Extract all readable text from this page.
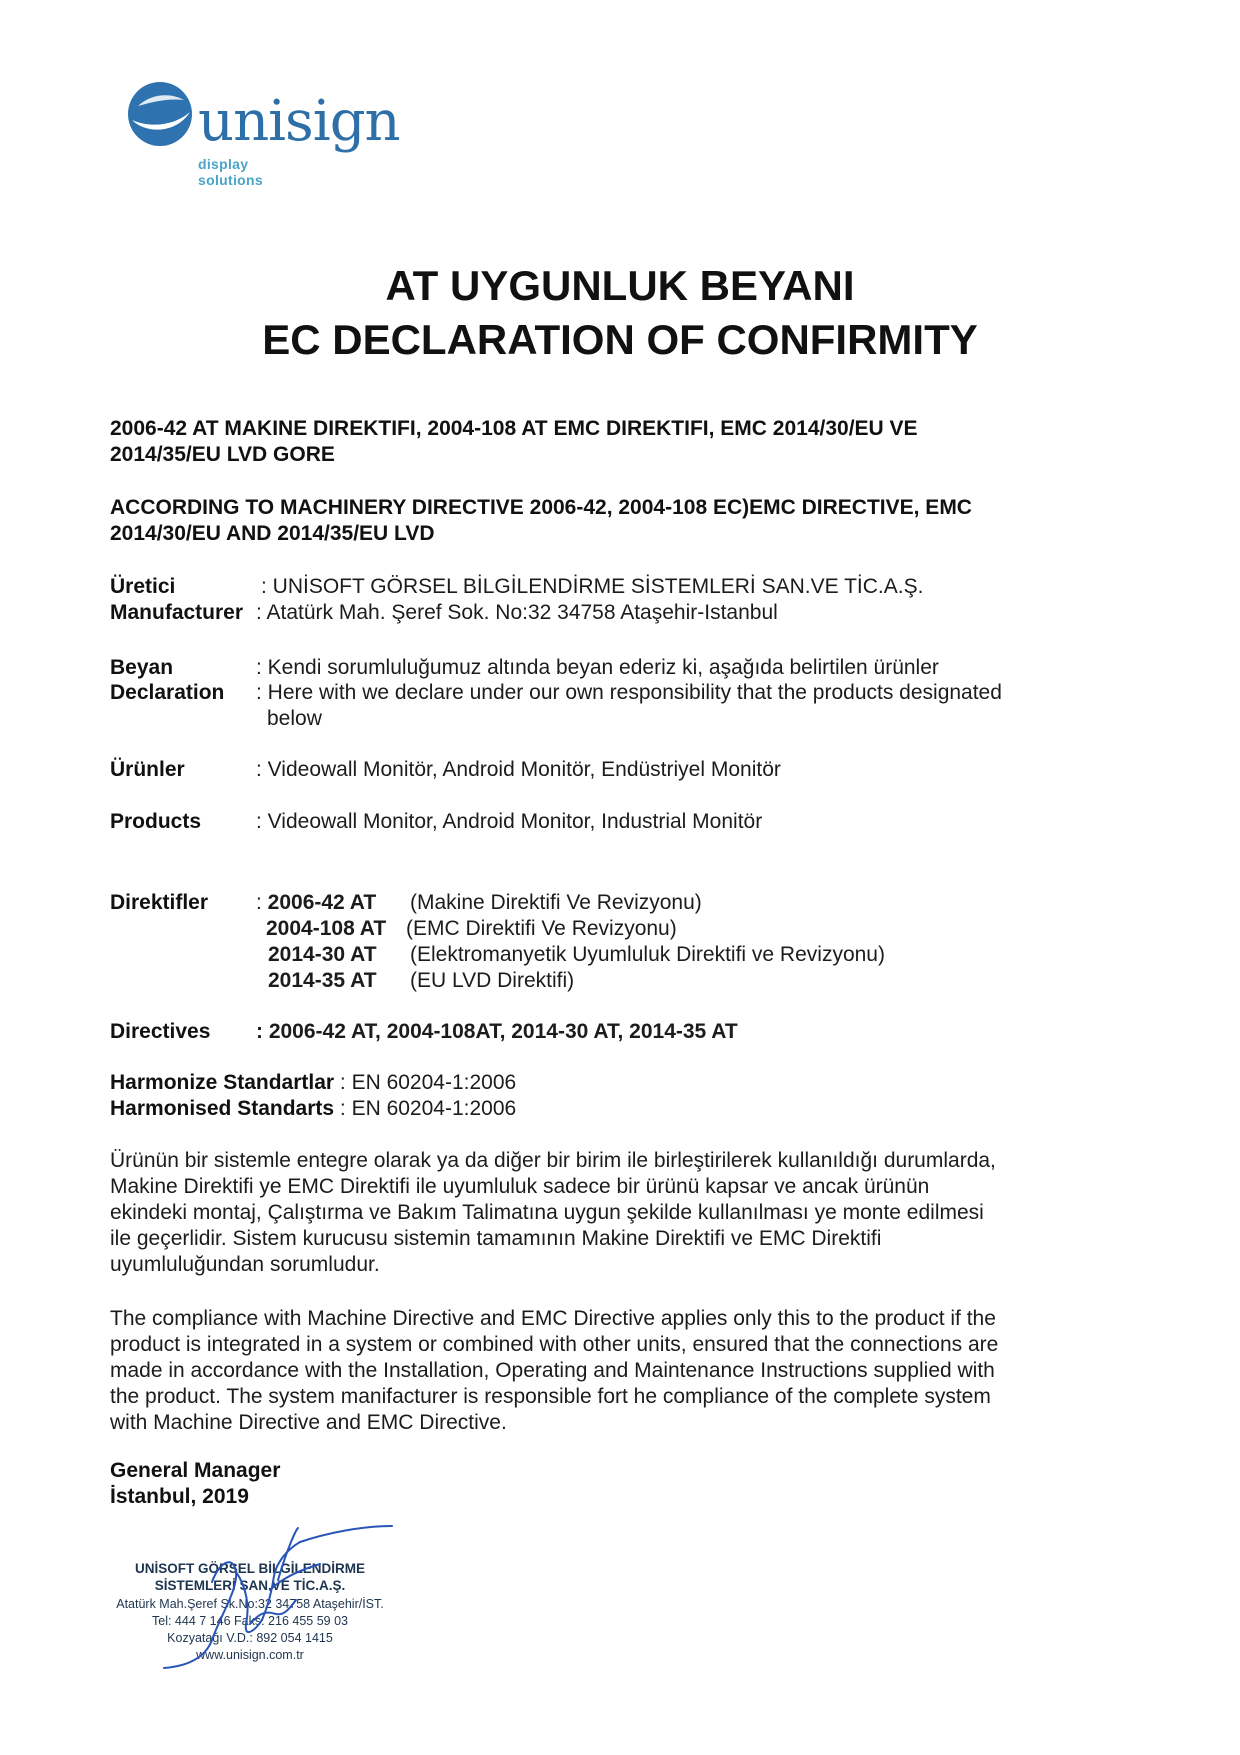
unisign
display solutions
AT UYGUNLUK BEYANI
EC DECLARATION OF CONFIRMITY
2006-42 AT MAKINE DIREKTIFI, 2004-108 AT EMC DIREKTIFI, EMC 2014/30/EU VE
2014/35/EU LVD GORE
ACCORDING TO MACHINERY DIRECTIVE 2006-42, 2004-108 EC)EMC DIRECTIVE, EMC
2014/30/EU AND 2014/35/EU LVD
Üretici	: UNİSOFT GÖRSEL BİLGİLENDİRME SİSTEMLERİ SAN.VE TİC.A.Ş.
Manufacturer : Atatürk Mah. Şeref Sok. No:32 34758 Ataşehir-Istanbul
Beyan	: Kendi sorumluluğumuz altında beyan ederiz ki, aşağıda belirtilen ürünler
Declaration : Here with we declare under our own responsibility that the products designated
below
Ürünler	: Videowall Monitör, Android Monitör, Endüstriyel Monitör
Products	: Videowall Monitor, Android Monitor, Industrial Monitör
Direktifler : 2006-42 AT (Makine Direktifi Ve Revizyonu)
2004-108 AT (EMC Direktifi Ve Revizyonu)
2014-30 AT (Elektromanyetik Uyumluluk Direktifi ve Revizyonu)
2014-35 AT (EU LVD Direktifi)
Directives : 2006-42 AT, 2004-108AT, 2014-30 AT, 2014-35 AT
Harmonize Standartlar : EN 60204-1:2006
Harmonised Standarts : EN 60204-1:2006
Ürünün bir sistemle entegre olarak ya da diğer bir birim ile birleştirilerek kullanıldığı durumlarda,
Makine Direktifi ye EMC Direktifi ile uyumluluk sadece bir ürünü kapsar ve ancak ürünün
ekindeki montaj, Çalıştırma ve Bakım Talimatına uygun şekilde kullanılması ye monte edilmesi
ile geçerlidir. Sistem kurucusu sistemin tamamının Makine Direktifi ve EMC Direktifi
uyumluluğundan sorumludur.
The compliance with Machine Directive and EMC Directive applies only this to the product if the
product is integrated in a system or combined with other units, ensured that the connections are
made in accordance with the Installation, Operating and Maintenance Instructions supplied with
the product. The system manifacturer is responsible fort he compliance of the complete system
with Machine Directive and EMC Directive.
General Manager
İstanbul, 2019
UNİSOFT GÖRSEL BİLGİLENDİRME
SİSTEMLERİ SAN.VE TİC.A.Ş.
Atatürk Mah.Şeref Sk.No:32 34758 Ataşehir/İST.
Tel: 444 7 146 Faks: 216 455 59 03
Kozyatağı V.D.: 892 054 1415
www.unisign.com.tr
